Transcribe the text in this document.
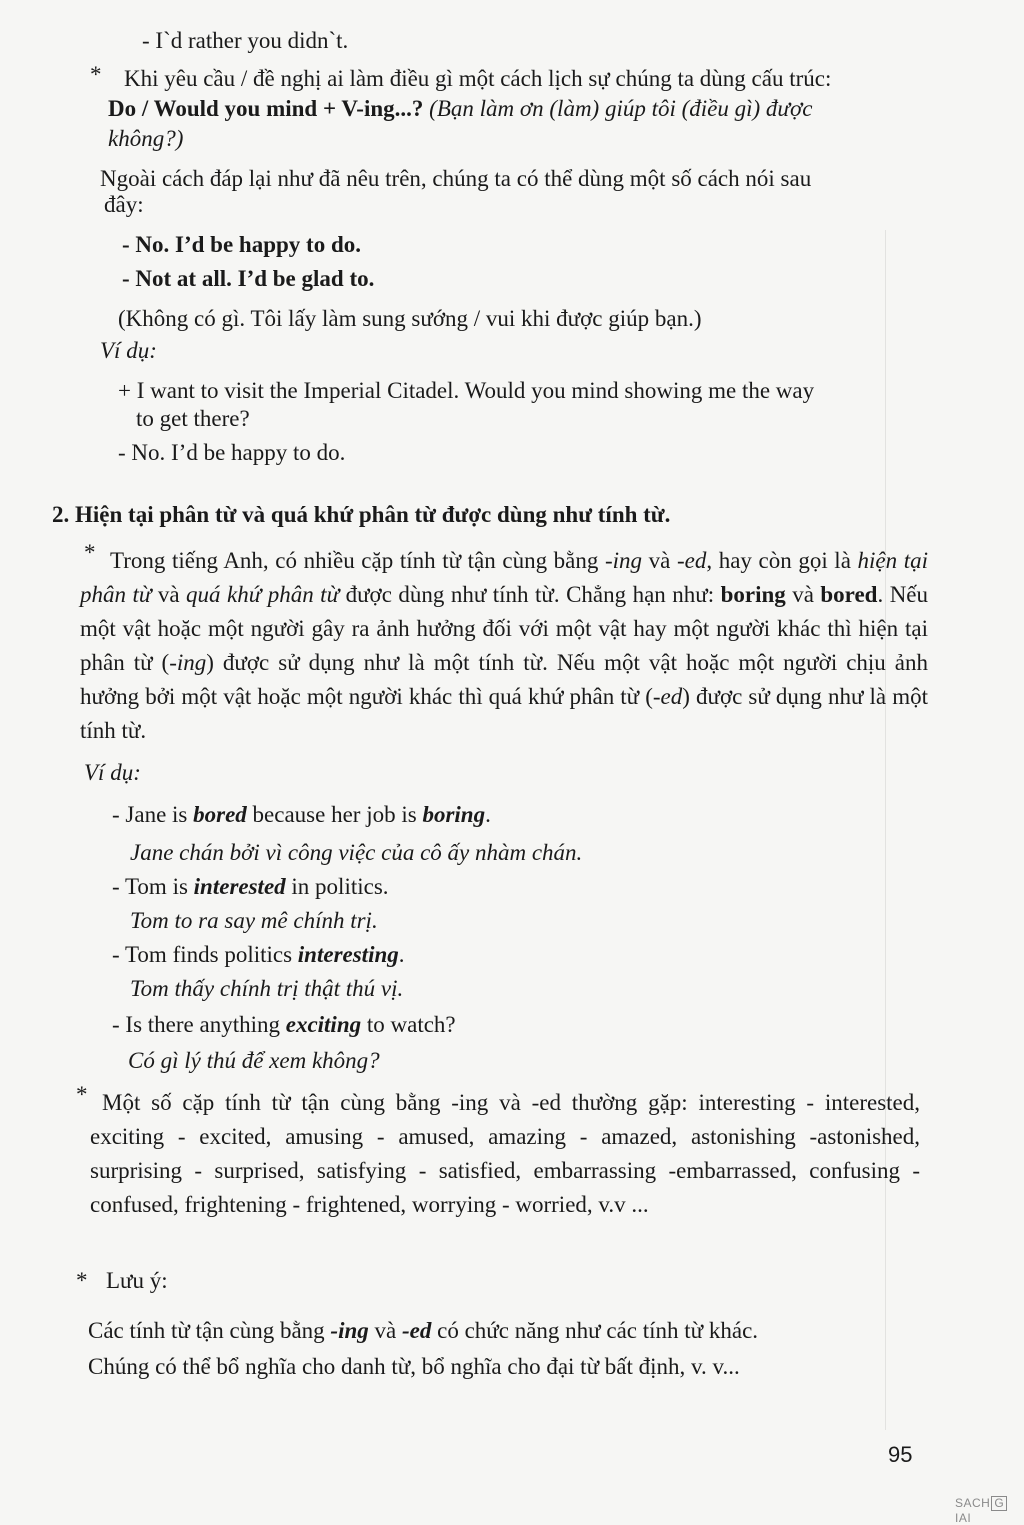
- I`d rather you didn`t.
* Khi yêu cầu / đề nghị ai làm điều gì một cách lịch sự chúng ta dùng cấu trúc:
Do / Would you mind + V-ing...? (Bạn làm ơn (làm) giúp tôi (điều gì) được
không?)
Ngoài cách đáp lại như đã nêu trên, chúng ta có thể dùng một số cách nói sau
đây:
- No. I’d be happy to do.
- Not at all. I’d be glad to.
(Không có gì. Tôi lấy làm sung sướng / vui khi được giúp bạn.)
Ví dụ:
+ I want to visit the Imperial Citadel. Would you mind showing me the way
to get there?
- No. I’d be happy to do.
2. Hiện tại phân từ và quá khứ phân từ được dùng như tính từ.
* Trong tiếng Anh, có nhiều cặp tính từ tận cùng bằng -ing và -ed, hay còn gọi là hiện tại phân từ và quá khứ phân từ được dùng như tính từ. Chẳng hạn như: boring và bored. Nếu một vật hoặc một người gây ra ảnh hưởng đối với một vật hay một người khác thì hiện tại phân từ (-ing) được sử dụng như là một tính từ. Nếu một vật hoặc một người chịu ảnh hưởng bởi một vật hoặc một người khác thì quá khứ phân từ (-ed) được sử dụng như là một tính từ.
Ví dụ:
- Jane is bored because her job is boring.
Jane chán bởi vì công việc của cô ấy nhàm chán.
- Tom is interested in politics.
Tom to ra say mê chính trị.
- Tom finds politics interesting.
Tom thấy chính trị thật thú vị.
- Is there anything exciting to watch?
Có gì lý thú để xem không?
* Một số cặp tính từ tận cùng bằng -ing và -ed thường gặp: interesting - interested, exciting - excited, amusing - amused, amazing - amazed, astonishing -astonished, surprising - surprised, satisfying - satisfied, embarrassing -embarrassed, confusing - confused, frightening - frightened, worrying - worried, v.v ...
* Lưu ý:
Các tính từ tận cùng bằng -ing và -ed có chức năng như các tính từ khác.
Chúng có thể bổ nghĩa cho danh từ, bổ nghĩa cho đại từ bất định, v. v...
95
SACH GIAI
